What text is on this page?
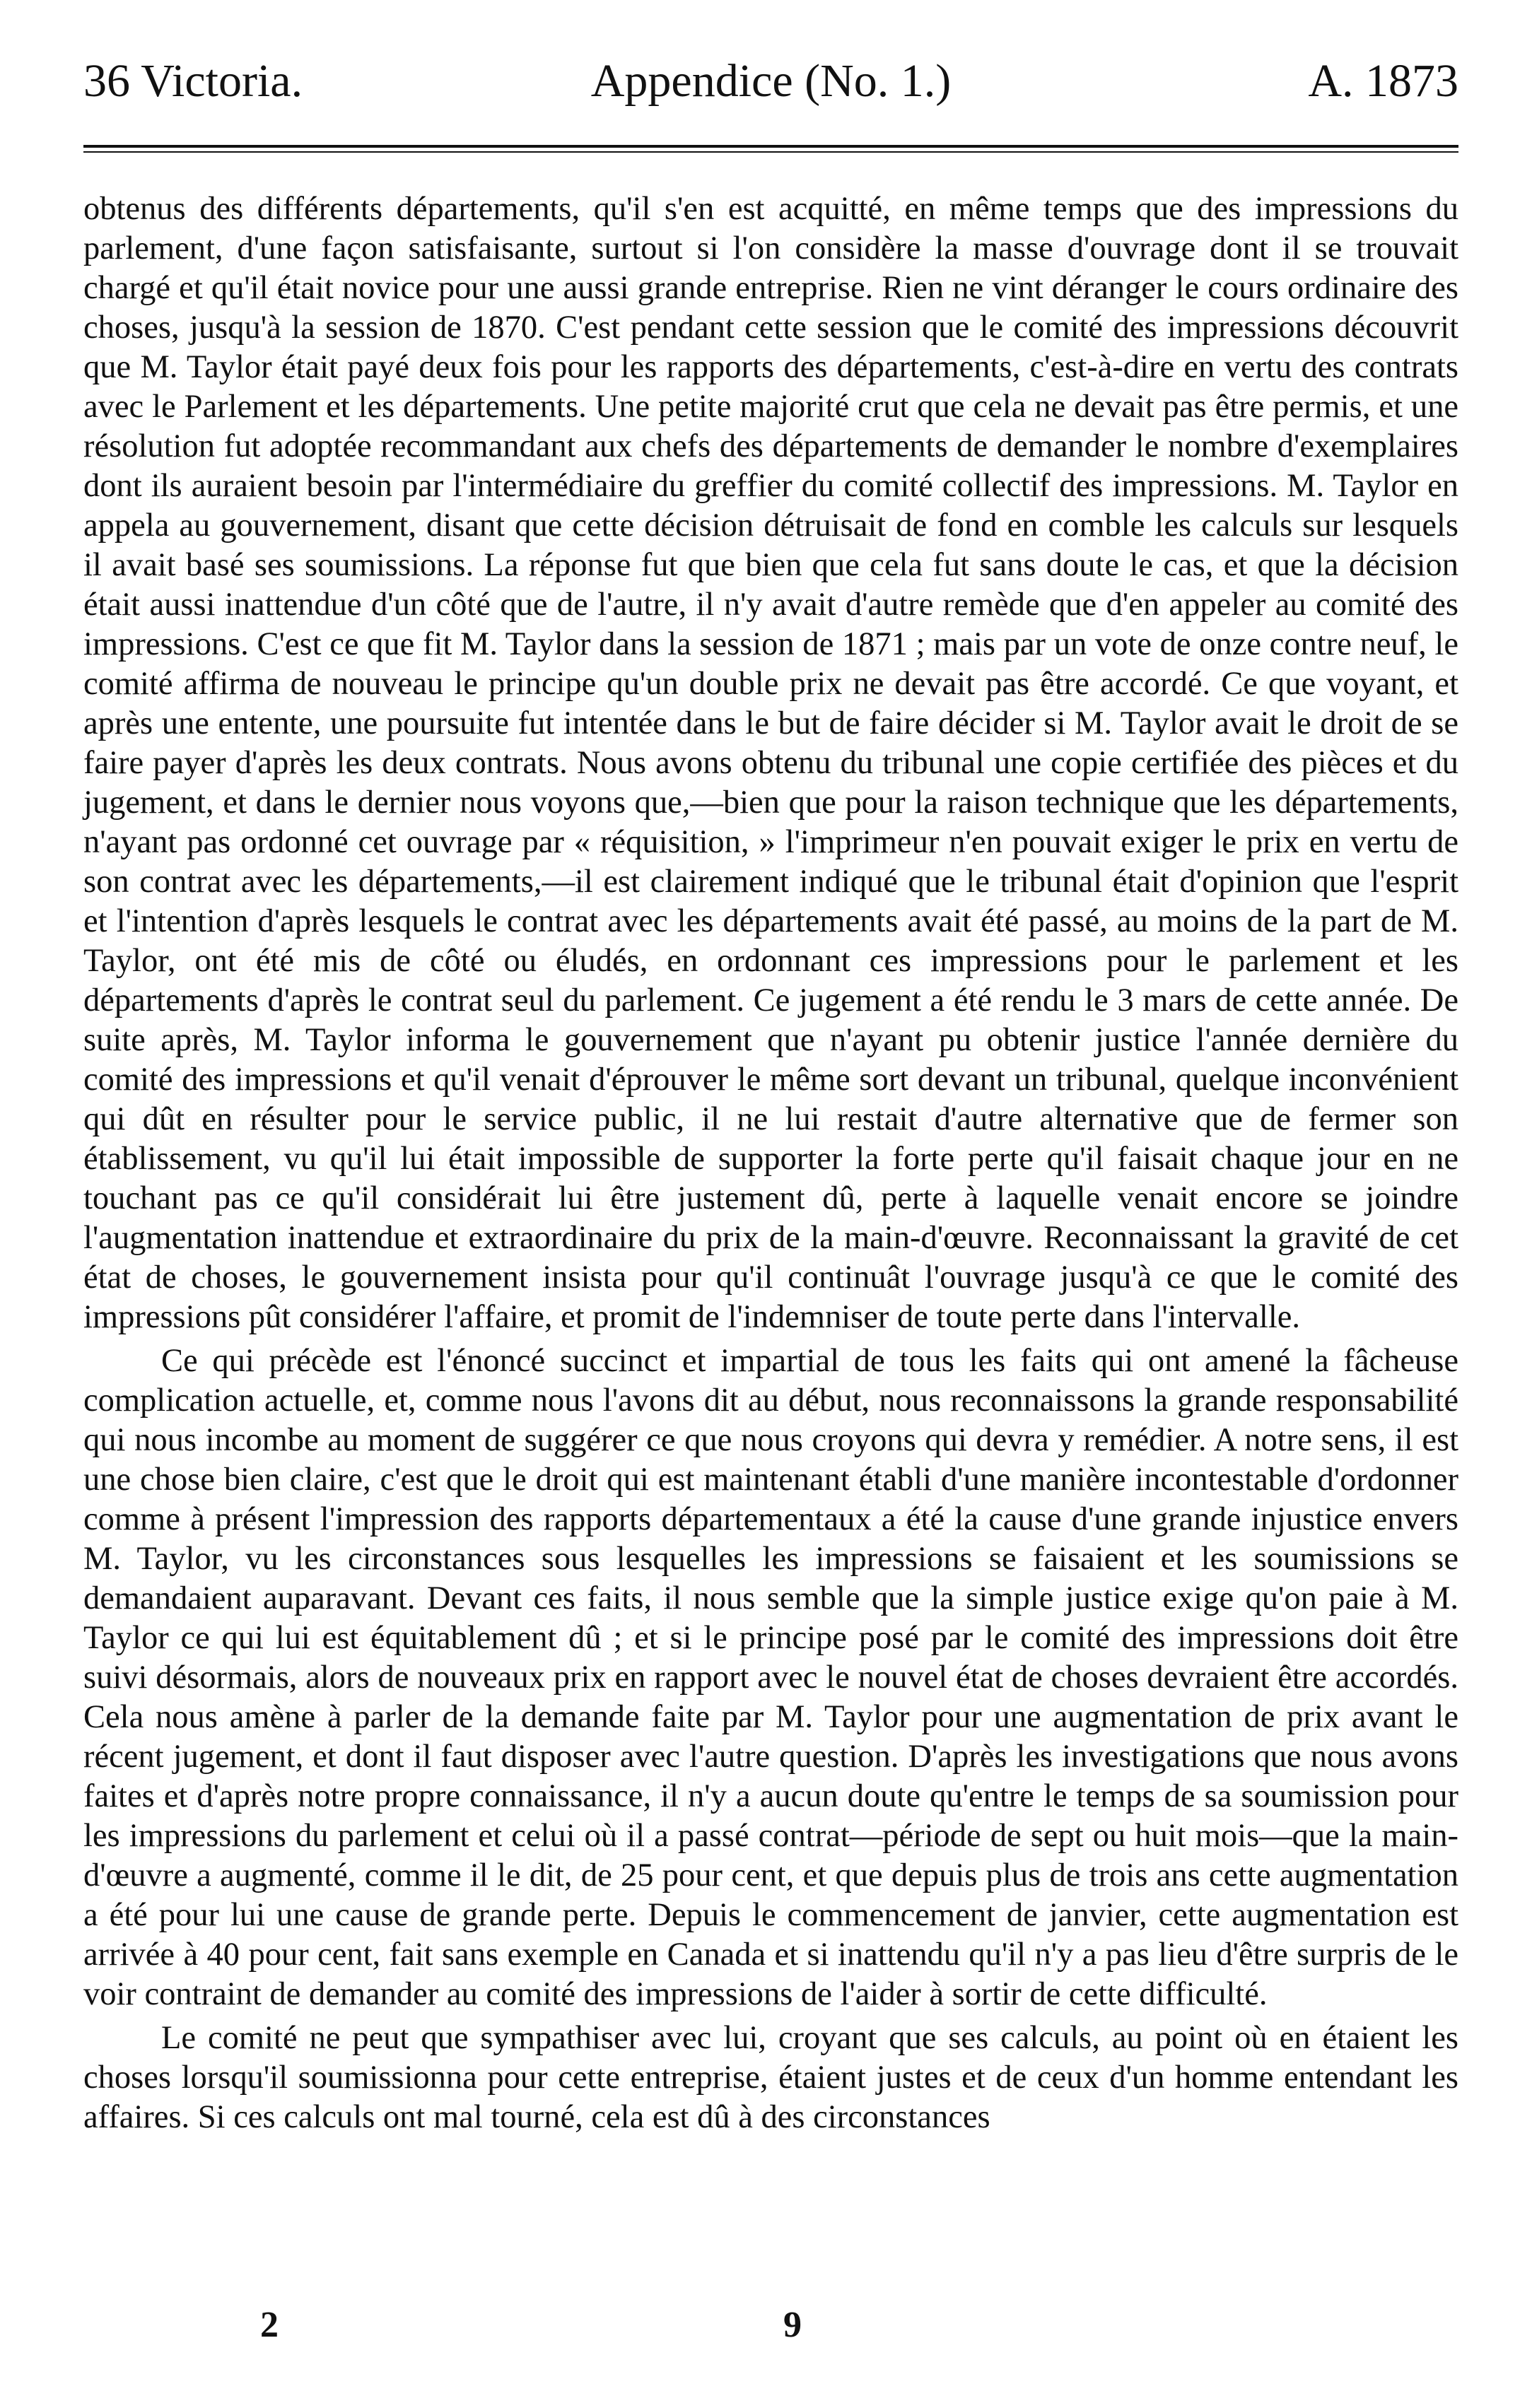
36 Victoria.	Appendice (No. 1.)	A. 1873

obtenus des différents départements, qu'il s'en est acquitté, en même temps que des impressions du parlement, d'une façon satisfaisante, surtout si l'on considère la masse d'ouvrage dont il se trouvait chargé et qu'il était novice pour une aussi grande entreprise. Rien ne vint déranger le cours ordinaire des choses, jusqu'à la session de 1870. C'est pendant cette session que le comité des impressions découvrit que M. Taylor était payé deux fois pour les rapports des départements, c'est-à-dire en vertu des contrats avec le Parlement et les départements. Une petite majorité crut que cela ne devait pas être permis, et une résolution fut adoptée recommandant aux chefs des départements de demander le nombre d'exemplaires dont ils auraient besoin par l'intermédiaire du greffier du comité collectif des impressions. M. Taylor en appela au gouvernement, disant que cette décision détruisait de fond en comble les calculs sur lesquels il avait basé ses soumissions. La réponse fut que bien que cela fut sans doute le cas, et que la décision était aussi inattendue d'un côté que de l'autre, il n'y avait d'autre remède que d'en appeler au comité des impressions. C'est ce que fit M. Taylor dans la session de 1871 ; mais par un vote de onze contre neuf, le comité affirma de nouveau le principe qu'un double prix ne devait pas être accordé. Ce que voyant, et après une entente, une poursuite fut intentée dans le but de faire décider si M. Taylor avait le droit de se faire payer d'après les deux contrats. Nous avons obtenu du tribunal une copie certifiée des pièces et du jugement, et dans le dernier nous voyons que,—bien que pour la raison technique que les départements, n'ayant pas ordonné cet ouvrage par « réquisition, » l'imprimeur n'en pouvait exiger le prix en vertu de son contrat avec les départements,—il est clairement indiqué que le tribunal était d'opinion que l'esprit et l'intention d'après lesquels le contrat avec les départements avait été passé, au moins de la part de M. Taylor, ont été mis de côté ou éludés, en ordonnant ces impressions pour le parlement et les départements d'après le contrat seul du parlement. Ce jugement a été rendu le 3 mars de cette année. De suite après, M. Taylor informa le gouvernement que n'ayant pu obtenir justice l'année dernière du comité des impressions et qu'il venait d'éprouver le même sort devant un tribunal, quelque inconvénient qui dût en résulter pour le service public, il ne lui restait d'autre alternative que de fermer son établissement, vu qu'il lui était impossible de supporter la forte perte qu'il faisait chaque jour en ne touchant pas ce qu'il considérait lui être justement dû, perte à laquelle venait encore se joindre l'augmentation inattendue et extraordinaire du prix de la main-d'œuvre. Reconnaissant la gravité de cet état de choses, le gouvernement insista pour qu'il continuât l'ouvrage jusqu'à ce que le comité des impressions pût considérer l'affaire, et promit de l'indemniser de toute perte dans l'intervalle.

Ce qui précède est l'énoncé succinct et impartial de tous les faits qui ont amené la fâcheuse complication actuelle, et, comme nous l'avons dit au début, nous reconnaissons la grande responsabilité qui nous incombe au moment de suggérer ce que nous croyons qui devra y remédier. A notre sens, il est une chose bien claire, c'est que le droit qui est maintenant établi d'une manière incontestable d'ordonner comme à présent l'impression des rapports départementaux a été la cause d'une grande injustice envers M. Taylor, vu les circonstances sous lesquelles les impressions se faisaient et les soumissions se demandaient auparavant. Devant ces faits, il nous semble que la simple justice exige qu'on paie à M. Taylor ce qui lui est équitablement dû ; et si le principe posé par le comité des impressions doit être suivi désormais, alors de nouveaux prix en rapport avec le nouvel état de choses devraient être accordés. Cela nous amène à parler de la demande faite par M. Taylor pour une augmentation de prix avant le récent jugement, et dont il faut disposer avec l'autre question. D'après les investigations que nous avons faites et d'après notre propre connaissance, il n'y a aucun doute qu'entre le temps de sa soumission pour les impressions du parlement et celui où il a passé contrat—période de sept ou huit mois—que la main-d'œuvre a augmenté, comme il le dit, de 25 pour cent, et que depuis plus de trois ans cette augmentation a été pour lui une cause de grande perte. Depuis le commencement de janvier, cette augmentation est arrivée à 40 pour cent, fait sans exemple en Canada et si inattendu qu'il n'y a pas lieu d'être surpris de le voir contraint de demander au comité des impressions de l'aider à sortir de cette difficulté.

Le comité ne peut que sympathiser avec lui, croyant que ses calculs, au point où en étaient les choses lorsqu'il soumissionna pour cette entreprise, étaient justes et de ceux d'un homme entendant les affaires. Si ces calculs ont mal tourné, cela est dû à des circonstances

2	9
